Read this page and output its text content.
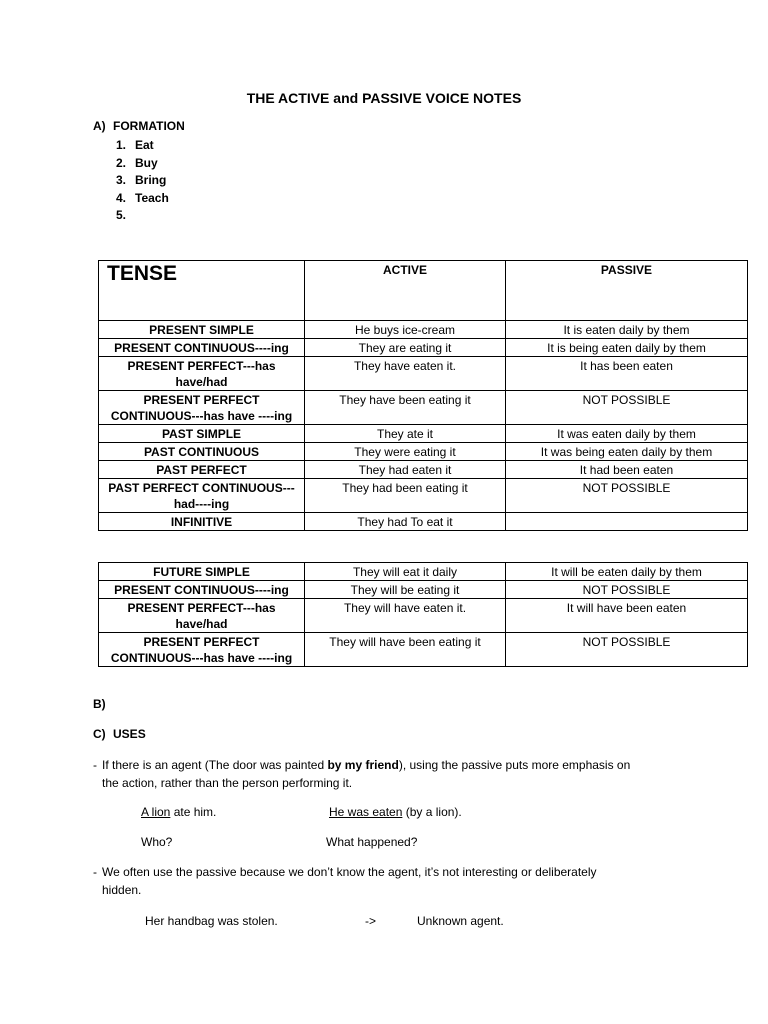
THE ACTIVE and PASSIVE VOICE NOTES
A) FORMATION
1. Eat
2. Buy
3. Bring
4. Teach
5.
TENSE	ACTIVE	PASSIVE
PRESENT SIMPLE	He buys ice-cream	It is eaten daily by them
PRESENT CONTINUOUS----ing	They are eating it	It is being eaten daily by them
PRESENT PERFECT---has have/had	They have eaten it.	It has been eaten
PRESENT PERFECT CONTINUOUS---has have ----ing	They have been eating it	NOT POSSIBLE
PAST SIMPLE	They ate it	It was eaten daily by them
PAST CONTINUOUS	They were eating it	It was being eaten daily by them
PAST PERFECT	They had eaten it	It had been eaten
PAST PERFECT CONTINUOUS---had----ing	They had been eating it	NOT POSSIBLE
INFINITIVE	They had To eat it	
FUTURE SIMPLE	They will eat it daily	It will be eaten daily by them
PRESENT CONTINUOUS----ing	They will be eating it	NOT POSSIBLE
PRESENT PERFECT---has have/had	They will have eaten it.	It will have been eaten
PRESENT PERFECT CONTINUOUS---has have ----ing	They will have been eating it	NOT POSSIBLE
B)
C) USES
- If there is an agent (The door was painted by my friend), using the passive puts more emphasis on
the action, rather than the person performing it.
A lion ate him.	He was eaten (by a lion).
Who?	What happened?
- We often use the passive because we don’t know the agent, it’s not interesting or deliberately
hidden.
Her handbag was stolen.	->	Unknown agent.
